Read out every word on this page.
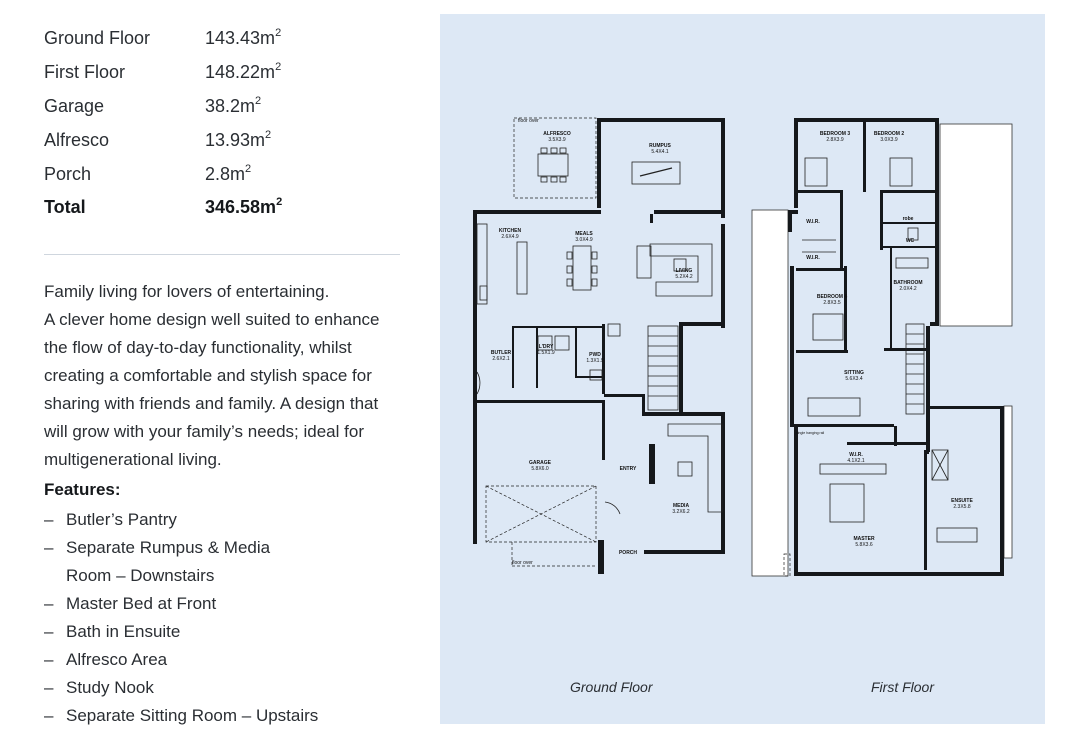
Ground Floor	$143.43m^2$
First Floor	$148.22m^2$
Garage	$38.2m^2$
Alfresco	$13.93m^2$
Porch	$2.8m^2$
Total	$346.58m^2$
Family living for lovers of entertaining.
A clever home design well suited to enhance
the flow of day-to-day functionality, whilst
creating a comfortable and stylish space for
sharing with friends and family. A design that
will grow with your family’s needs; ideal for
multigenerational living.
Features:
– Butler’s Pantry
– Separate Rumpus & Media Room – Downstairs
– Master Bed at Front
– Bath in Ensuite
– Alfresco Area
– Study Nook
– Separate Sitting Room – Upstairs
ALFRESCO
3.5X3.9
RUMPUS
5.4X4.1
KITCHEN
2.6X4.9	MEALS
3.0X4.9
LIVING
5.2X4.2
BUTLER
2.6X2.1
L'DRY
1.5X1.9	PWD
1.3X1.9
GARAGE
5.8X6.0	ENTRY
MEDIA
3.2X6.2
PORCH
floor over
floor over
BEDROOM 3
2.8X3.9
BEDROOM 2
3.0X3.9
W.I.R.
W.I.R.
robe
WC
BATHROOM
2.0X4.2
BEDROOM 4
2.8X3.5
SITTING
5.6X3.4
W.I.R.
4.1X2.1
MASTER
5.8X3.6
ENSUITE
2.3X5.8
single hanging rail
Ground Floor	First Floor
